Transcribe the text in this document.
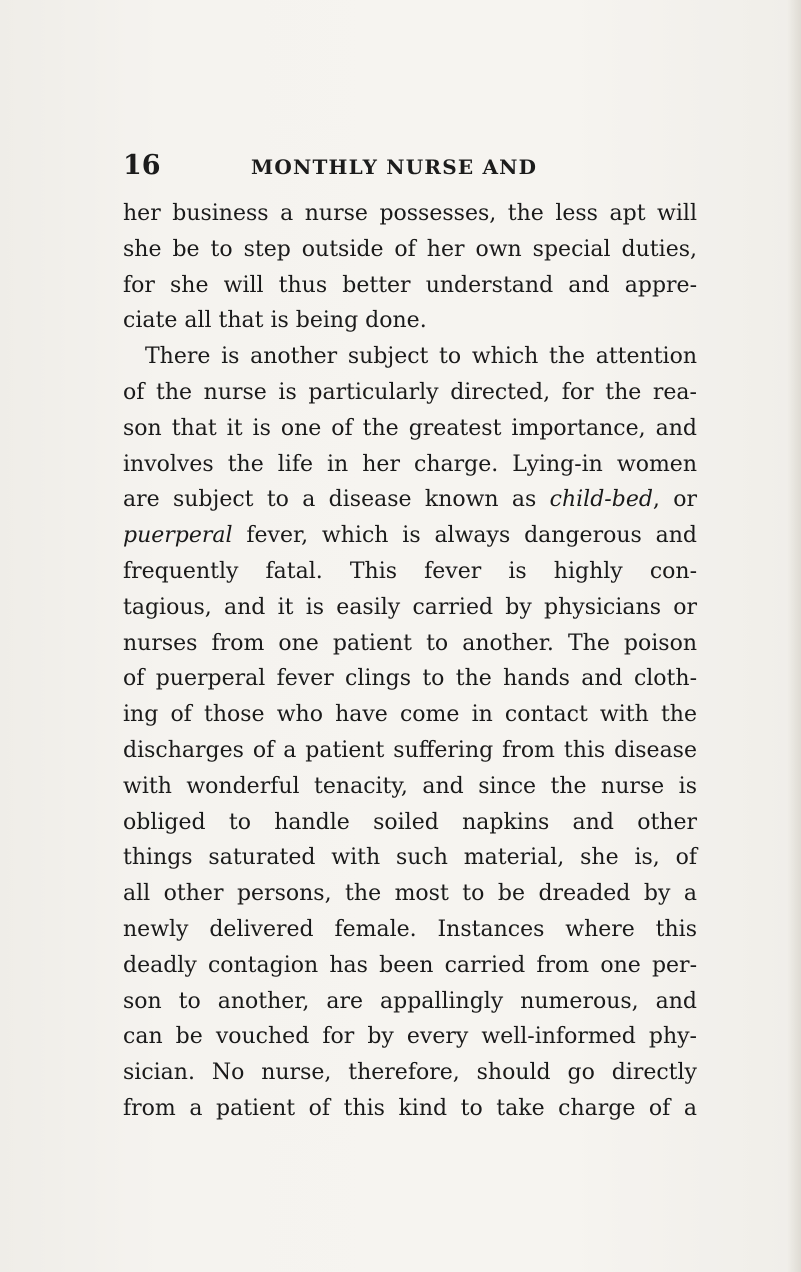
16	MONTHLY NURSE AND
her business a nurse possesses, the less apt will
she be to step outside of her own special duties,
for she will thus better understand and appre-
ciate all that is being done.
There is another subject to which the attention
of the nurse is particularly directed, for the rea-
son that it is one of the greatest importance, and
involves the life in her charge. Lying-in women
are subject to a disease known as child-bed, or
puerperal fever, which is always dangerous and
frequently fatal. This fever is highly con-
tagious, and it is easily carried by physicians or
nurses from one patient to another. The poison
of puerperal fever clings to the hands and cloth-
ing of those who have come in contact with the
discharges of a patient suffering from this disease
with wonderful tenacity, and since the nurse is
obliged to handle soiled napkins and other
things saturated with such material, she is, of
all other persons, the most to be dreaded by a
newly delivered female. Instances where this
deadly contagion has been carried from one per-
son to another, are appallingly numerous, and
can be vouched for by every well-informed phy-
sician. No nurse, therefore, should go directly
from a patient of this kind to take charge of a
